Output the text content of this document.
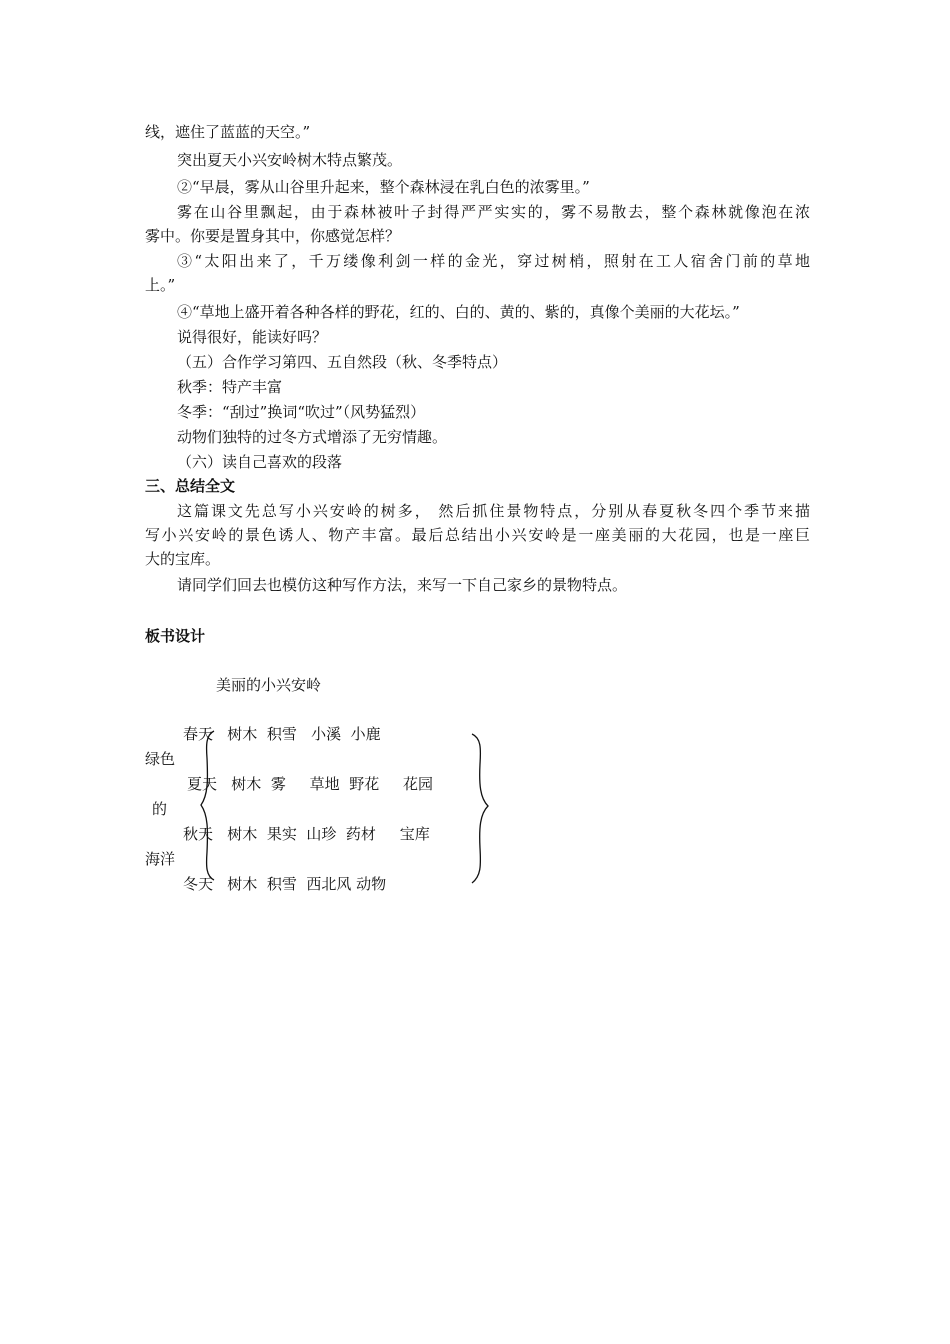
线，遮住了蓝蓝的天空。”
突出夏天小兴安岭树木特点繁茂。
②“早晨，雾从山谷里升起来，整个森林浸在乳白色的浓雾里。”
雾在山谷里飘起，由于森林被叶子封得严严实实的，雾不易散去，整个森林就像泡在浓
雾中。你要是置身其中，你感觉怎样？
③“太阳出来了，千万缕像利剑一样的金光，穿过树梢，照射在工人宿舍门前的草地
上。”
④“草地上盛开着各种各样的野花，红的、白的、黄的、紫的，真像个美丽的大花坛。”
说得很好，能读好吗？
（五）合作学习第四、五自然段（秋、冬季特点）
秋季：特产丰富
冬季：“刮过”换词“吹过”（风势猛烈）
动物们独特的过冬方式增添了无穷情趣。
（六）读自己喜欢的段落
三、总结全文
这篇课文先总写小兴安岭的树多， 然后抓住景物特点，分别从春夏秋冬四个季节来描
写小兴安岭的景色诱人、物产丰富。最后总结出小兴安岭是一座美丽的大花园，也是一座巨
大的宝库。
请同学们回去也模仿这种写作方法，来写一下自己家乡的景物特点。
板书设计
美丽的小兴安岭
春天   树木  积雪   小溪  小鹿
夏天   树木  雾     草地  野花     花园
秋天   树木  果实  山珍  药材     宝库
冬天   树木  积雪  西北风 动物
绿色
的
海洋
